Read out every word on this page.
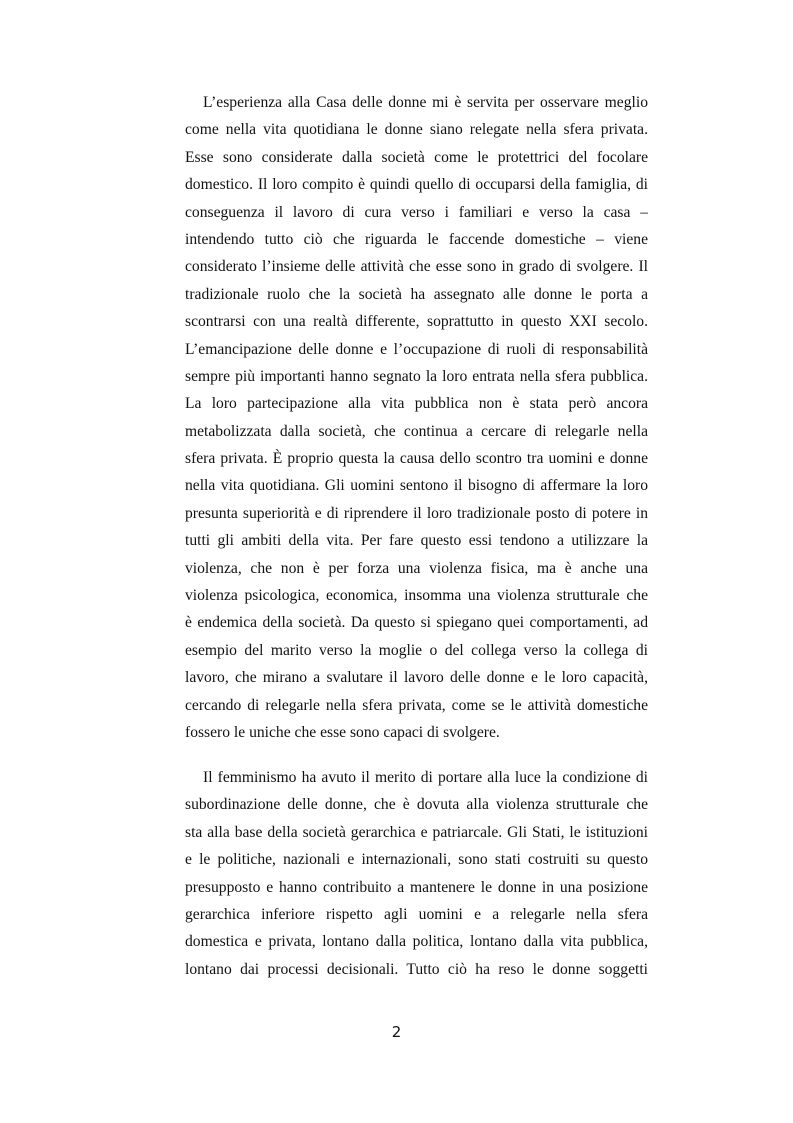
L’esperienza alla Casa delle donne mi è servita per osservare meglio
come nella vita quotidiana le donne siano relegate nella sfera privata.
Esse sono considerate dalla società come le protettrici del focolare
domestico. Il loro compito è quindi quello di occuparsi della famiglia, di
conseguenza il lavoro di cura verso i familiari e verso la casa –
intendendo tutto ciò che riguarda le faccende domestiche – viene
considerato l’insieme delle attività che esse sono in grado di svolgere. Il
tradizionale ruolo che la società ha assegnato alle donne le porta a
scontrarsi con una realtà differente, soprattutto in questo XXI secolo.
L’emancipazione delle donne e l’occupazione di ruoli di responsabilità
sempre più importanti hanno segnato la loro entrata nella sfera pubblica.
La loro partecipazione alla vita pubblica non è stata però ancora
metabolizzata dalla società, che continua a cercare di relegarle nella
sfera privata. È proprio questa la causa dello scontro tra uomini e donne
nella vita quotidiana. Gli uomini sentono il bisogno di affermare la loro
presunta superiorità e di riprendere il loro tradizionale posto di potere in
tutti gli ambiti della vita. Per fare questo essi tendono a utilizzare la
violenza, che non è per forza una violenza fisica, ma è anche una
violenza psicologica, economica, insomma una violenza strutturale che
è endemica della società. Da questo si spiegano quei comportamenti, ad
esempio del marito verso la moglie o del collega verso la collega di
lavoro, che mirano a svalutare il lavoro delle donne e le loro capacità,
cercando di relegarle nella sfera privata, come se le attività domestiche
fossero le uniche che esse sono capaci di svolgere.
Il femminismo ha avuto il merito di portare alla luce la condizione di
subordinazione delle donne, che è dovuta alla violenza strutturale che
sta alla base della società gerarchica e patriarcale. Gli Stati, le istituzioni
e le politiche, nazionali e internazionali, sono stati costruiti su questo
presupposto e hanno contribuito a mantenere le donne in una posizione
gerarchica inferiore rispetto agli uomini e a relegarle nella sfera
domestica e privata, lontano dalla politica, lontano dalla vita pubblica,
lontano dai processi decisionali. Tutto ciò ha reso le donne soggetti
2
